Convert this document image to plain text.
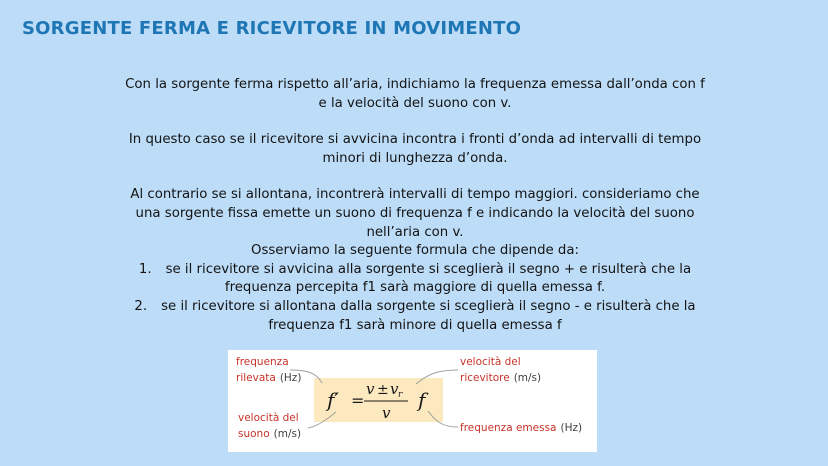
SORGENTE FERMA E RICEVITORE IN MOVIMENTO

Con la sorgente ferma rispetto all’aria, indichiamo la frequenza emessa dall’onda con f

e la velocità del suono con v.

In questo caso se il ricevitore si avvicina incontra i fronti d’onda ad intervalli di tempo

minori di lunghezza d’onda.

Al contrario se si allontana, incontrerà intervalli di tempo maggiori. consideriamo che

una sorgente fissa emette un suono di frequenza f e indicando la velocità del suono

nell’aria con v.

Osserviamo la seguente formula che dipende da:

1. se il ricevitore si avvicina alla sorgente si sceglierà il segno + e risulterà che la

frequenza percepita f1 sarà maggiore di quella emessa f.

2. se il ricevitore si allontana dalla sorgente si sceglierà il segno - e risulterà che la

frequenza f1 sarà minore di quella emessa f

f′ =
v ± v r
v
f
frequenza
rilevata (Hz)
velocità del
suono (m/s)
velocità del
ricevitore (m/s)
frequenza emessa (Hz)
